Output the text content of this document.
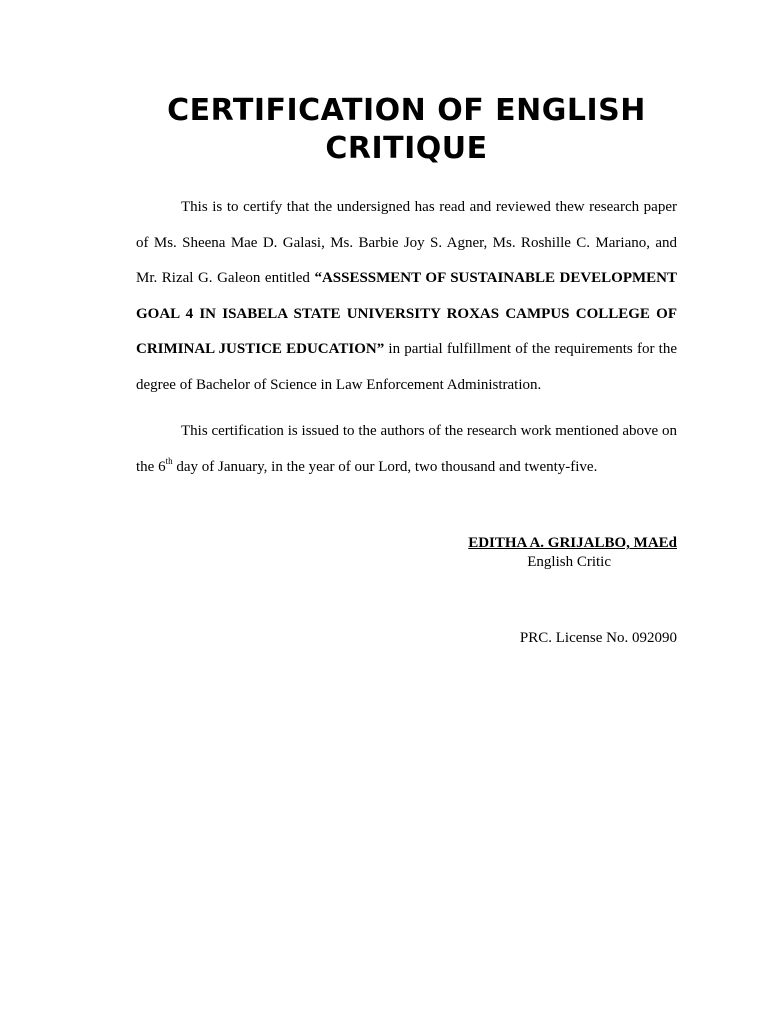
CERTIFICATION OF ENGLISH CRITIQUE

This is to certify that the undersigned has read and reviewed thew research paper of Ms. Sheena Mae D. Galasi, Ms. Barbie Joy S. Agner, Ms. Roshille C. Mariano, and Mr. Rizal G. Galeon entitled “ASSESSMENT OF SUSTAINABLE DEVELOPMENT GOAL 4 IN ISABELA STATE UNIVERSITY ROXAS CAMPUS COLLEGE OF CRIMINAL JUSTICE EDUCATION” in partial fulfillment of the requirements for the degree of Bachelor of Science in Law Enforcement Administration.

This certification is issued to the authors of the research work mentioned above on the 6th day of January, in the year of our Lord, two thousand and twenty-five.

EDITHA A. GRIJALBO, MAEd
English Critic
PRC. License No. 092090
